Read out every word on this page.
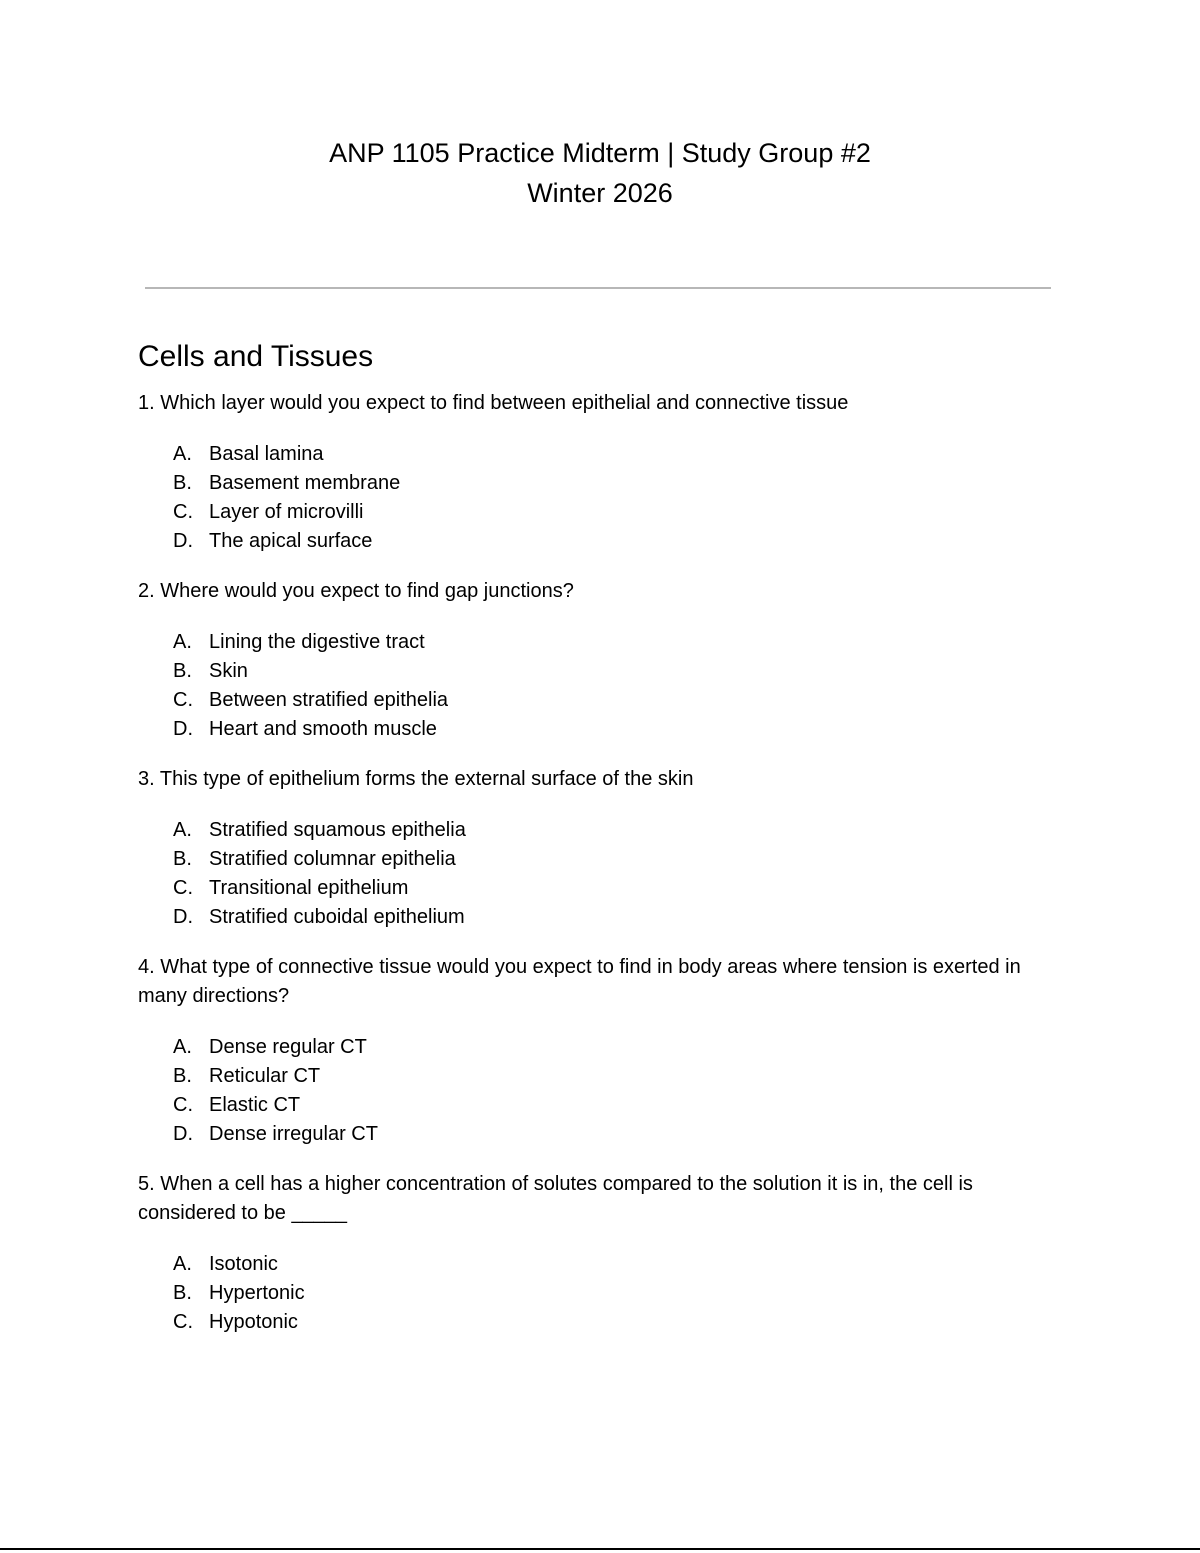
ANP 1105 Practice Midterm | Study Group #2
Winter 2026
Cells and Tissues

1. Which layer would you expect to find between epithelial and connective tissue

A. Basal lamina
B. Basement membrane
C. Layer of microvilli
D. The apical surface

2. Where would you expect to find gap junctions?

A. Lining the digestive tract
B. Skin
C. Between stratified epithelia
D. Heart and smooth muscle

3. This type of epithelium forms the external surface of the skin

A. Stratified squamous epithelia
B. Stratified columnar epithelia
C. Transitional epithelium
D. Stratified cuboidal epithelium

4. What type of connective tissue would you expect to find in body areas where tension is exerted in many directions?

A. Dense regular CT
B. Reticular CT
C. Elastic CT
D. Dense irregular CT

5. When a cell has a higher concentration of solutes compared to the solution it is in, the cell is considered to be _____

A. Isotonic
B. Hypertonic
C. Hypotonic
